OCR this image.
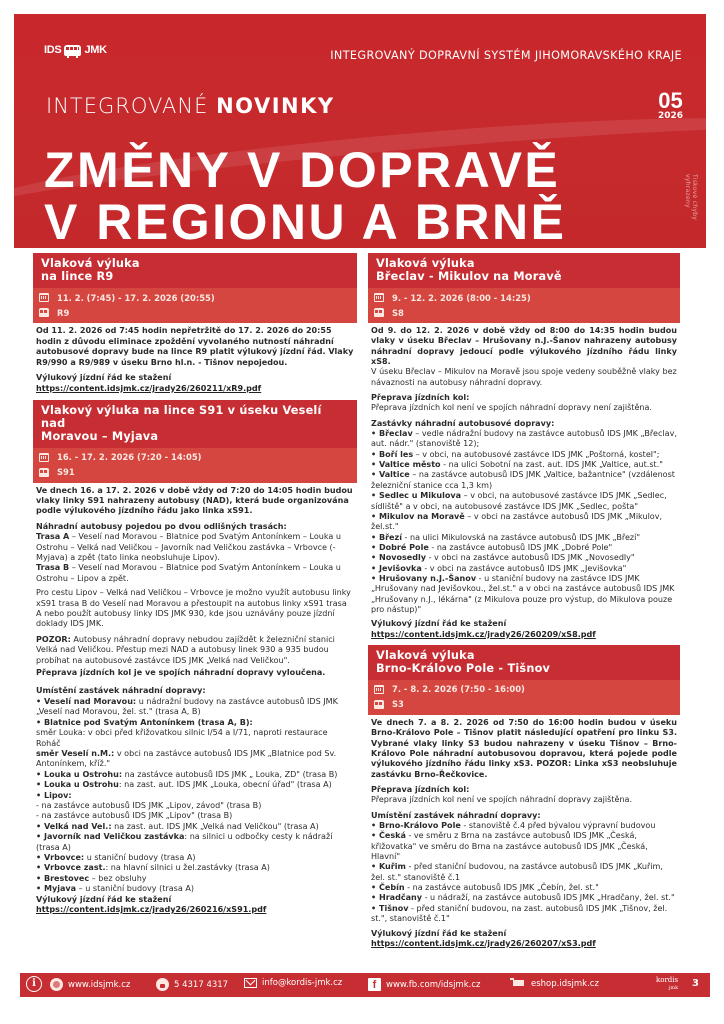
IDS JMK	INTEGROVANÝ DOPRAVNÍ SYSTÉM JIHOMORAVSKÉHO KRAJE
INTEGROVANÉ NOVINKY	05
2026
ZMĚNY V DOPRAVĚ
V REGIONU A BRNĚ	Tiskové chyby vyhrazeny
Vlaková výluka
na lince R9
11. 2. (7:45) - 17. 2. 2026 (20:55)
R9

Od 11. 2. 2026 od 7:45 hodin nepřetržitě do 17. 2. 2026 do 20:55 hodin z důvodu eliminace zpoždění vyvolaného nutností náhradní autobusové dopravy bude na lince R9 platit výlukový jízdní řád. Vlaky R9/990 a R9/989 v úseku Brno hl.n. - Tišnov nepojedou.

Výlukový jízdní řád ke stažení
https://content.idsjmk.cz/jrady26/260211/xR9.pdf

Vlakový výluka na lince S91 v úseku Veselí nad
Moravou – Myjava
16. - 17. 2. 2026 (7:20 - 14:05)
S91

Ve dnech 16. a 17. 2. 2026 v době vždy od 7:20 do 14:05 hodin budou vlaky linky S91 nahrazeny autobusy (NAD), která bude organizována podle výlukového jízdního řádu jako linka xS91.

Náhradní autobusy pojedou po dvou odlišných trasách:
Trasa A – Veselí nad Moravou – Blatnice pod Svatým Antonínkem – Louka u Ostrohu – Velká nad Veličkou – Javorník nad Veličkou zastávka – Vrbovce (- Myjava) a zpět (tato linka neobsluhuje Lipov).
Trasa B – Veselí nad Moravou – Blatnice pod Svatým Antonínkem – Louka u Ostrohu – Lipov a zpět.

Pro cestu Lipov – Velká nad Veličkou – Vrbovce je možno využít autobusu linky xS91 trasa B do Veselí nad Moravou a přestoupit na autobus linky xS91 trasa A nebo použít autobusy linky IDS JMK 930, kde jsou uznávány pouze jízdní doklady IDS JMK.

POZOR: Autobusy náhradní dopravy nebudou zajíždět k železniční stanici Velká nad Veličkou. Přestup mezi NAD a autobusy linek 930 a 935 budou probíhat na autobusové zastávce IDS JMK „Velká nad Veličkou".

Přeprava jízdních kol je ve spojích náhradní dopravy vyloučena.

Umístění zastávek náhradní dopravy:
• Veselí nad Moravou: u nádražní budovy na zastávce autobusů IDS JMK „Veselí nad Moravou, žel. st." (trasa A, B)
• Blatnice pod Svatým Antonínkem (trasa A, B):
směr Louka: v obci před křižovatkou silnic I/54 a I/71, naproti restaurace Roháč
směr Veselí n.M.: v obci na zastávce autobusů IDS JMK „Blatnice pod Sv. Antonínkem, kříž."
• Louka u Ostrohu: na zastávce autobusů IDS JMK „ Louka, ZD" (trasa B)
• Louka u Ostrohu: na zast. aut. IDS JMK „Louka, obecní úřad" (trasa A)
• Lipov:
- na zastávce autobusů IDS JMK „Lipov, závod" (trasa B)
- na zastávce autobusů IDS JMK „Lipov" (trasa B)
• Velká nad Vel.: na zast. aut. IDS JMK „Velká nad Veličkou" (trasa A)
• Javorník nad Veličkou zastávka: na silnici u odbočky cesty k nádraží (trasa A)
• Vrbovce: u staniční budovy (trasa A)
• Vrbovce zast.: na hlavní silnici u žel.zastávky (trasa A)
• Brestovec – bez obsluhy
• Myjava – u staniční budovy (trasa A)

Výlukový jízdní řád ke stažení
https://content.idsjmk.cz/jrady26/260216/xS91.pdf

Vlaková výluka
Břeclav - Mikulov na Moravě
9. - 12. 2. 2026 (8:00 - 14:25)
S8

Od 9. do 12. 2. 2026 v době vždy od 8:00 do 14:35 hodin budou vlaky v úseku Břeclav – Hrušovany n.J.-Šanov nahrazeny autobusy náhradní dopravy jedoucí podle výlukového jízdního řádu linky xS8.
V úseku Břeclav – Mikulov na Moravě jsou spoje vedeny souběžně vlaky bez návaznosti na autobusy náhradní dopravy.

Přeprava jízdních kol:
Přeprava jízdních kol není ve spojích náhradní dopravy není zajištěna.

Zastávky náhradní autobusové dopravy:
• Břeclav – vedle nádražní budovy na zastávce autobusů IDS JMK „Břeclav, aut. nádr." (stanoviště 12);
• Boří les – v obci, na autobusové zastávce IDS JMK „Poštorná, kostel";
• Valtice město - na ulici Sobotní na zast. aut. IDS JMK „Valtice, aut.st."
• Valtice – na zastávce autobusů IDS JMK „Valtice, bažantnice" (vzdálenost železniční stanice cca 1,3 km)
• Sedlec u Mikulova – v obci, na autobusové zastávce IDS JMK „Sedlec, sídliště" a v obci, na autobusové zastávce IDS JMK „Sedlec, pošta"
• Mikulov na Moravě – v obci na zastávce autobusů IDS JMK „Mikulov, žel.st."
• Březí - na ulici Mikulovská na zastávce autobusů IDS JMK „Březí"
• Dobré Pole - na zastávce autobusů IDS JMK „Dobré Pole"
• Novosedly - v obci na zastávce autobusů IDS JMK „Novosedly"
• Jevišovka - v obci na zastávce autobusů IDS JMK „Jevišovka"
• Hrušovany n.J.-Šanov - u staniční budovy na zastávce IDS JMK „Hrušovany nad Jevišovkou., žel.st." a v obci na zastávce autobusů IDS JMK „Hrušovany n.J., lékárna" (z Mikulova pouze pro výstup, do Mikulova pouze pro nástup)"

Výlukový jízdní řád ke stažení
https://content.idsjmk.cz/jrady26/260209/xS8.pdf

Vlaková výluka
Brno-Královo Pole - Tišnov
7. - 8. 2. 2026 (7:50 - 16:00)
S3

Ve dnech 7. a 8. 2. 2026 od 7:50 do 16:00 hodin budou v úseku Brno-Královo Pole – Tišnov platit následující opatření pro linku S3. Vybrané vlaky linky S3 budou nahrazeny v úseku Tišnov – Brno-Královo Pole náhradní autobusovou dopravou, která pojede podle výlukového jízdního řádu linky xS3. POZOR: Linka xS3 neobsluhuje zastávku Brno-Řečkovice.

Přeprava jízdních kol:
Přeprava jízdních kol není ve spojích náhradní dopravy zajištěna.

Umístění zastávek náhradní dopravy:
• Brno-Královo Pole - stanoviště č.4 před bývalou výpravní budovou
• Česká - ve směru z Brna na zastávce autobusů IDS JMK „Česká, křižovatka" ve směru do Brna na zastávce autobusů IDS JMK „Česká, Hlavní"
• Kuřim - před staniční budovou, na zastávce autobusů IDS JMK „Kuřim, žel. st." stanoviště č.1
• Čebín - na zastávce autobusů IDS JMK „Čebín, žel. st."
• Hradčany - u nádraží, na zastávce autobusů IDS JMK „Hradčany, žel. st."
• Tišnov - před staniční budovou, na zast. autobusů IDS JMK „Tišnov, žel. st.", stanoviště č.1"

Výlukový jízdní řád ke stažení
https://content.idsjmk.cz/jrady26/260207/xS3.pdf

i	www.idsjmk.cz	5 4317 4317	info@kordis-jmk.cz	f	www.fb.com/idsjmk.cz	eshop.idsjmk.cz	kordis
jmk 3
